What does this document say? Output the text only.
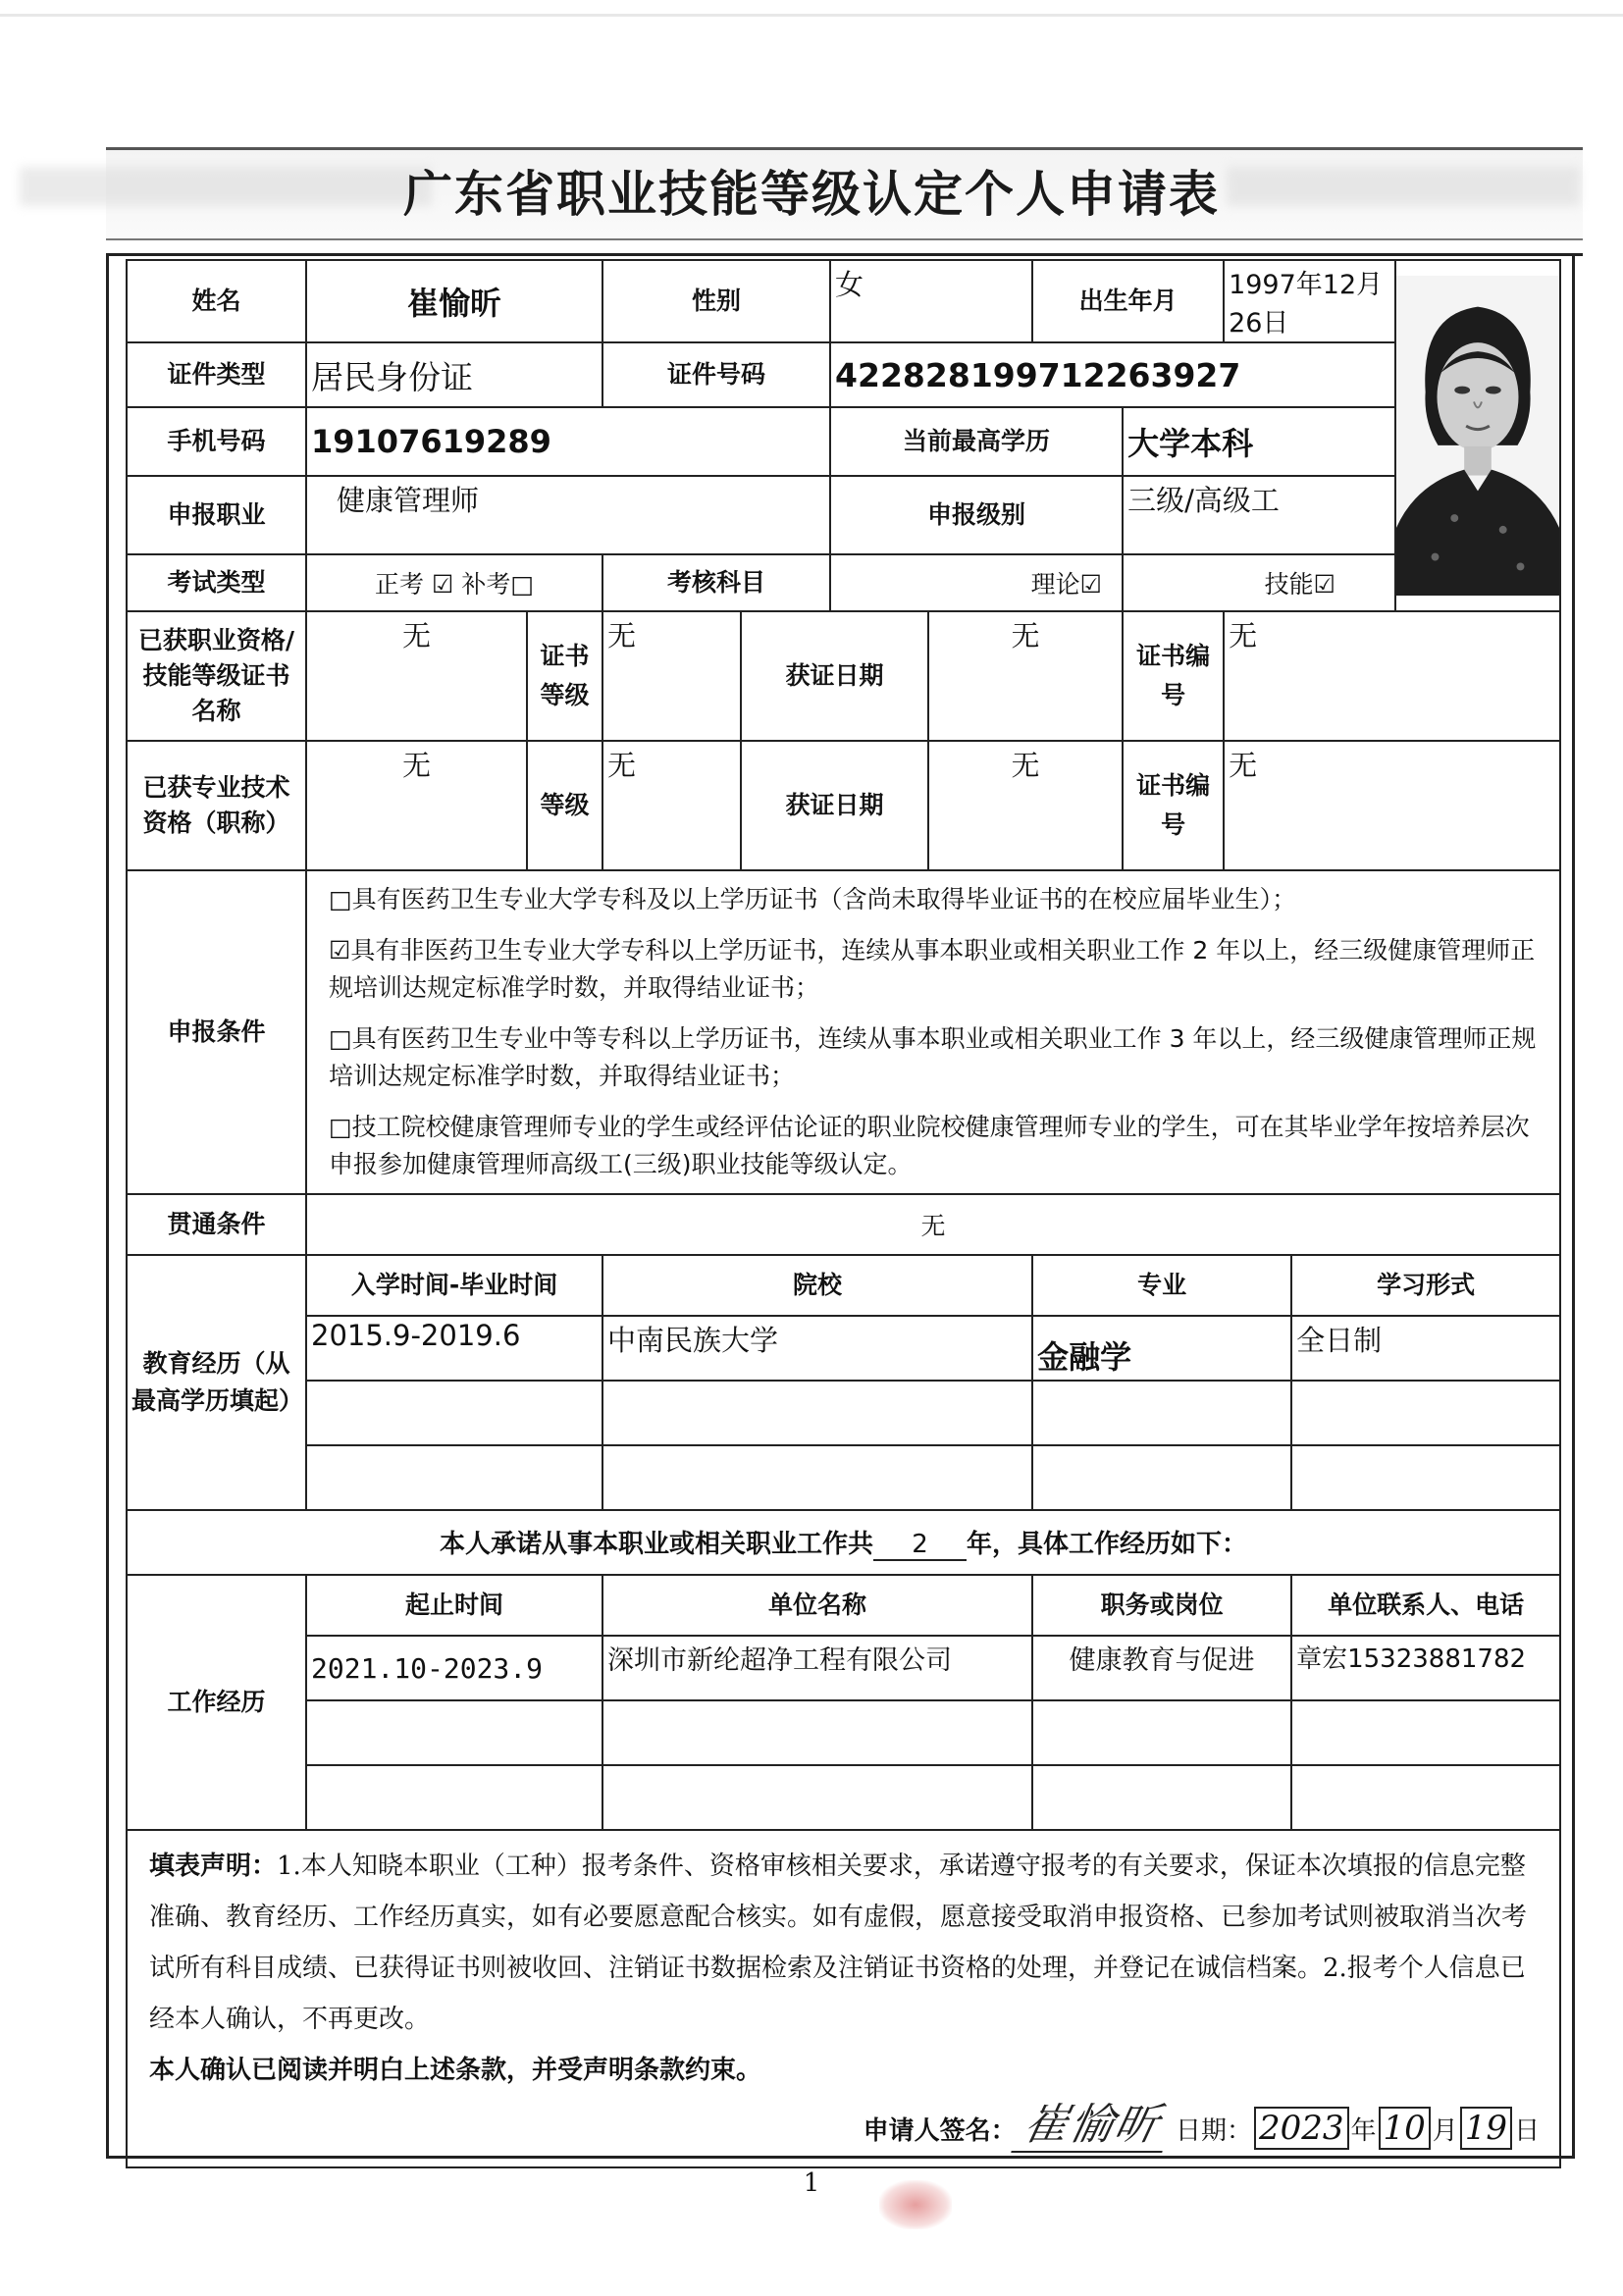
广东省职业技能等级认定个人申请表
姓名	崔愉昕		性别		女		出生年月		1997年12月26日	

证件类型	居民身份证		证件号码		422828199712263927						
手机号码	19107619289				当前最高学历			大学本科			
申报职业	健康管理师				申报级别			三级/高级工			
考试类型	正考 ☑ 补考□		考核科目		理论☑			技能☑			
已获职业资格/技能等级证书名称	无	证书等级	无	获证日期		无		证书编号	无		
已获专业技术资格（职称）	无	等级	无	获证日期		无		证书编号	无		
申报条件	□具有医药卫生专业大学专科及以上学历证书（含尚未取得毕业证书的在校应届毕业生）；

☑具有非医药卫生专业大学专科以上学历证书，连续从事本职业或相关职业工作 2 年以上，经三级健康管理师正规培训达规定标准学时数，并取得结业证书；

□具有医药卫生专业中等专科以上学历证书，连续从事本职业或相关职业工作 3 年以上，经三级健康管理师正规培训达规定标准学时数，并取得结业证书；

□技工院校健康管理师专业的学生或经评估论证的职业院校健康管理师专业的学生，可在其毕业学年按培养层次申报参加健康管理师高级工(三级)职业技能等级认定。										

贯通条件	无										
教育经历（从最高学历填起）	入学时间-毕业时间		院校				专业			学习形式	
	2015.9-2019.6		中南民族大学				金融学			全日制	

本人承诺从事本职业或相关职业工作共 2 年，具体工作经历如下：											
工作经历	起止时间		单位名称				职务或岗位			单位联系人、电话	
	2021.10-2023.9		深圳市新纶超净工程有限公司				健康教育与促进			章宏15323881782	

填表声明：1.本人知晓本职业（工种）报考条件、资格审核相关要求，承诺遵守报考的有关要求，保证本次填报的信息完整准确、教育经历、工作经历真实，如有必要愿意配合核实。如有虚假，愿意接受取消申报资格、已参加考试则被取消当次考试所有科目成绩、已获得证书则被收回、注销证书数据检索及注销证书资格的处理，并登记在诚信档案。2.报考个人信息已经本人确认，不再更改。
本人确认已阅读并明白上述条款，并受声明条款约束。
申请人签名：崔愉昕 日期： 2023 年 10 月 19 日											
1
